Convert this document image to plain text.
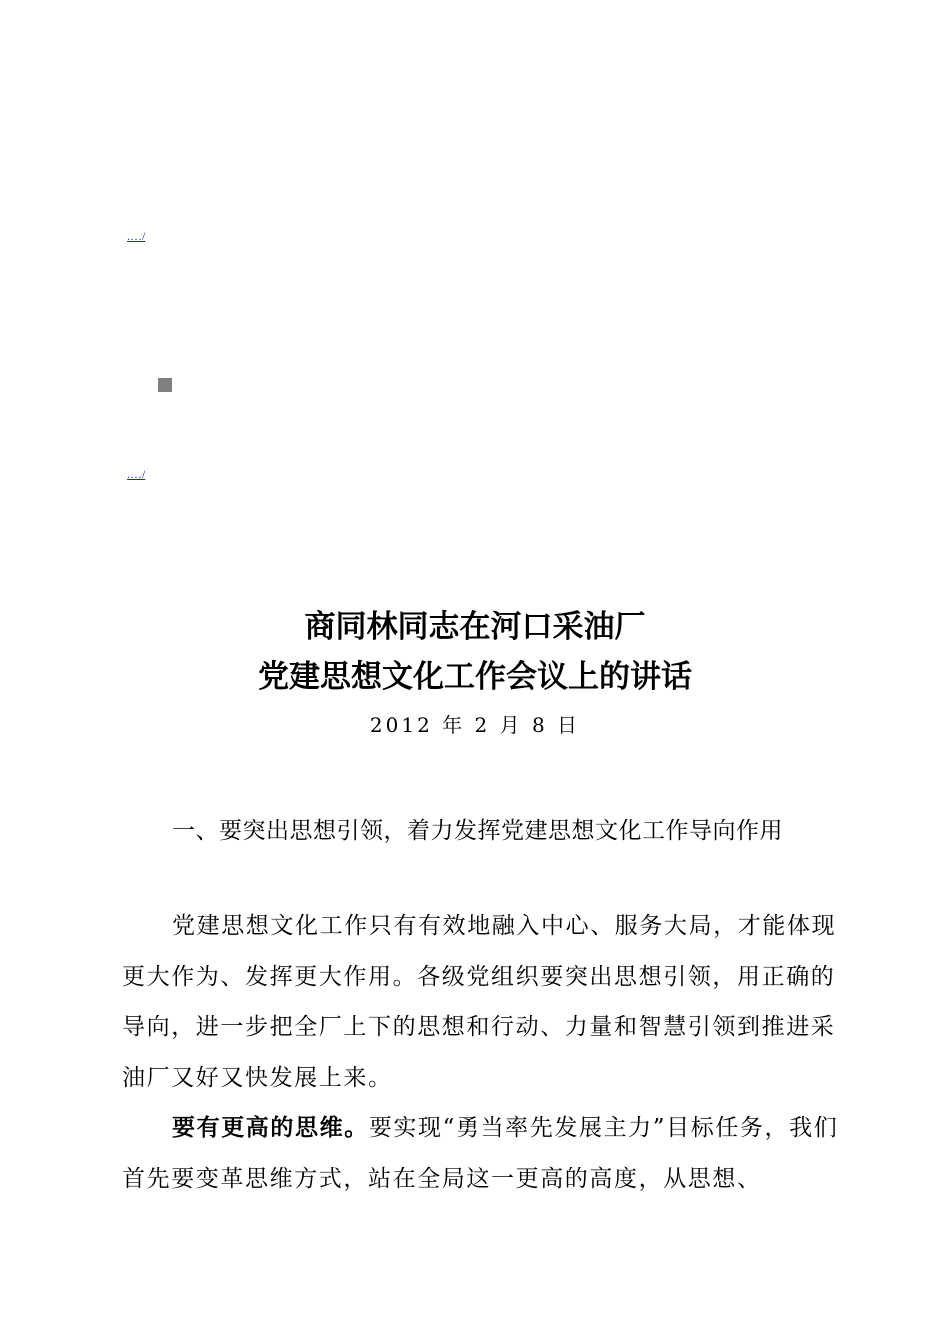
.…/
.…/
商同林同志在河口采油厂
党建思想文化工作会议上的讲话
2012 年 2 月 8 日
一、要突出思想引领，着力发挥党建思想文化工作导向作用
党建思想文化工作只有有效地融入中心、服务大局，才能体现更大作为、发挥更大作用。各级党组织要突出思想引领，用正确的导向，进一步把全厂上下的思想和行动、力量和智慧引领到推进采油厂又好又快发展上来。
要有更高的思维。要实现“勇当率先发展主力”目标任务，我们首先要变革思维方式，站在全局这一更高的高度，从思想、
